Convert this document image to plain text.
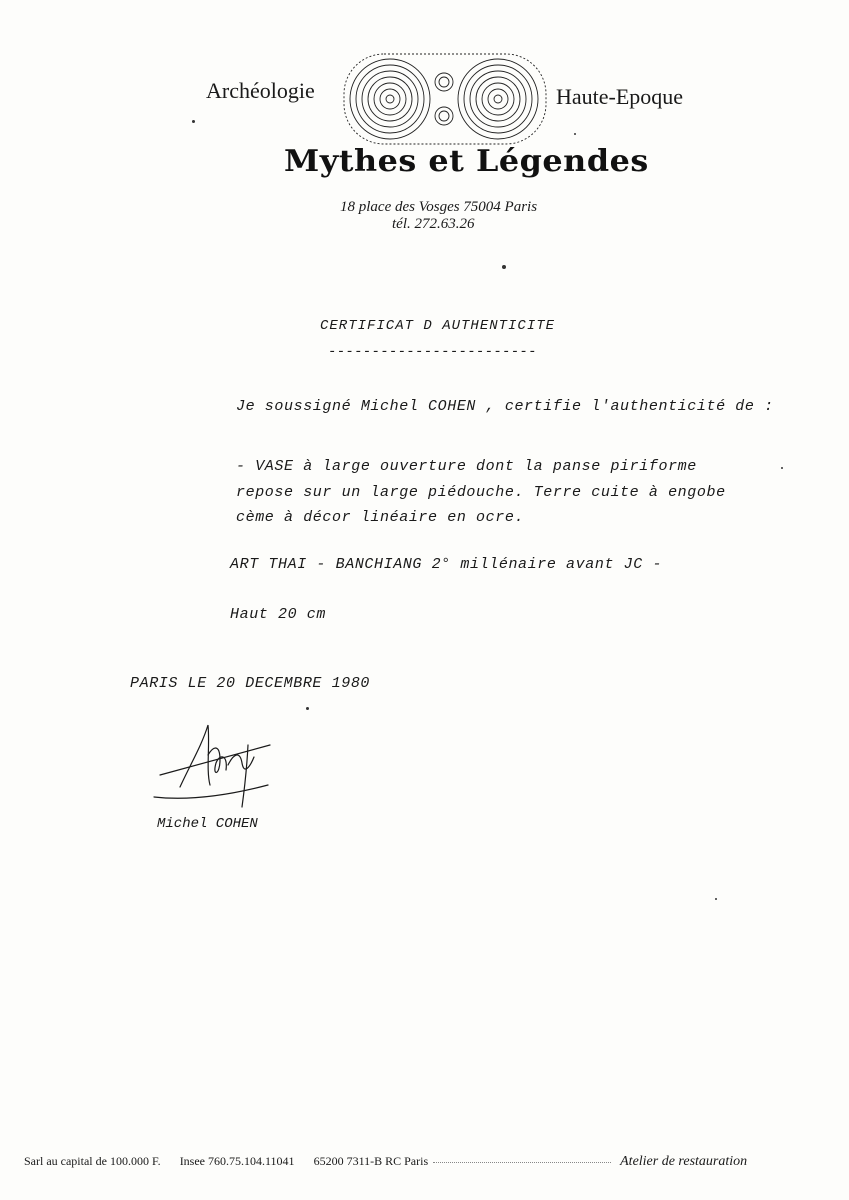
Archéologie	Haute-Epoque
Mythes et Légendes
18 place des Vosges 75004 Paris
tél. 272.63.26
CERTIFICAT D AUTHENTICITE
------------------------
Je soussigné Michel COHEN , certifie l'authenticité de :
- VASE à large ouverture dont la panse piriforme
repose sur un large piédouche. Terre cuite à engobe
cème à décor linéaire en ocre.
ART THAI - BANCHIANG 2° millénaire avant JC -
Haut 20 cm
PARIS LE 20 DECEMBRE 1980
Michel COHEN
Sarl au capital de 100.000 F. Insee 760.75.104.11041 65200 7311-B RC Paris	Atelier de restauration
